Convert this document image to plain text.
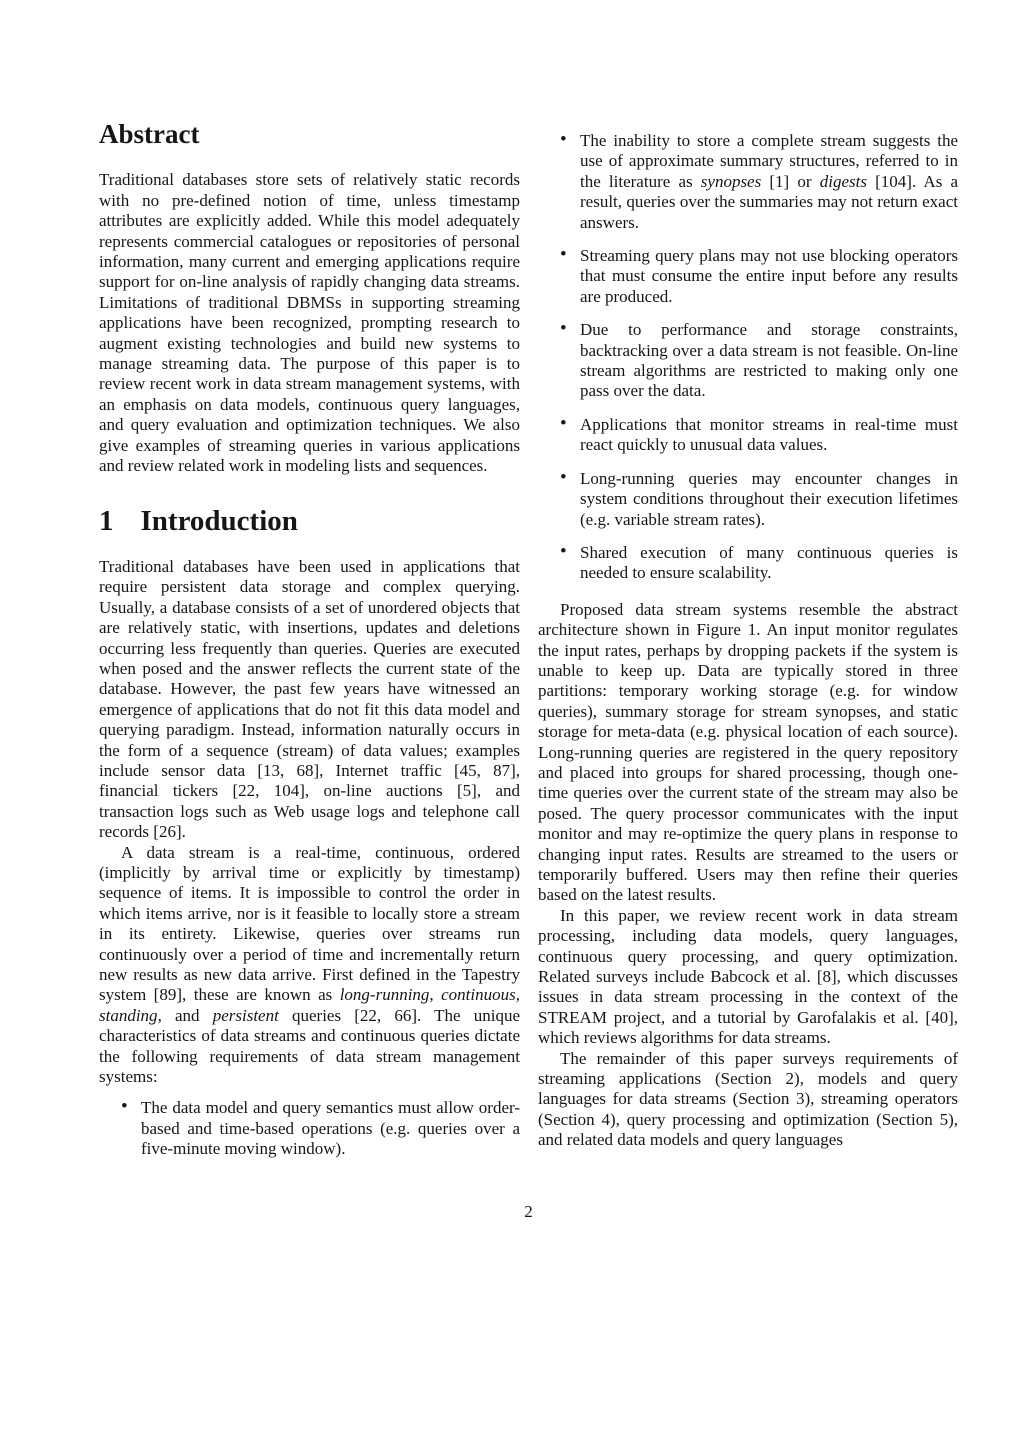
Abstract

Traditional databases store sets of relatively static records with no pre-defined notion of time, unless timestamp attributes are explicitly added. While this model adequately represents commercial catalogues or repositories of personal information, many current and emerging applications require support for on-line analysis of rapidly changing data streams. Limitations of traditional DBMSs in supporting streaming applications have been recognized, prompting research to augment existing technologies and build new systems to manage streaming data. The purpose of this paper is to review recent work in data stream management systems, with an emphasis on data models, continuous query languages, and query evaluation and optimization techniques. We also give examples of streaming queries in various applications and review related work in modeling lists and sequences.

1 Introduction

Traditional databases have been used in applications that require persistent data storage and complex querying. Usually, a database consists of a set of unordered objects that are relatively static, with insertions, updates and deletions occurring less frequently than queries. Queries are executed when posed and the answer reflects the current state of the database. However, the past few years have witnessed an emergence of applications that do not fit this data model and querying paradigm. Instead, information naturally occurs in the form of a sequence (stream) of data values; examples include sensor data [13, 68], Internet traffic [45, 87], financial tickers [22, 104], on-line auctions [5], and transaction logs such as Web usage logs and telephone call records [26].

A data stream is a real-time, continuous, ordered (implicitly by arrival time or explicitly by timestamp) sequence of items. It is impossible to control the order in which items arrive, nor is it feasible to locally store a stream in its entirety. Likewise, queries over streams run continuously over a period of time and incrementally return new results as new data arrive. First defined in the Tapestry system [89], these are known as long-running, continuous, standing, and persistent queries [22, 66]. The unique characteristics of data streams and continuous queries dictate the following requirements of data stream management systems:

• The data model and query semantics must allow order-based and time-based operations (e.g. queries over a five-minute moving window).
• The inability to store a complete stream suggests the use of approximate summary structures, referred to in the literature as synopses [1] or digests [104]. As a result, queries over the summaries may not return exact answers.
• Streaming query plans may not use blocking operators that must consume the entire input before any results are produced.
• Due to performance and storage constraints, backtracking over a data stream is not feasible. On-line stream algorithms are restricted to making only one pass over the data.
• Applications that monitor streams in real-time must react quickly to unusual data values.
• Long-running queries may encounter changes in system conditions throughout their execution lifetimes (e.g. variable stream rates).
• Shared execution of many continuous queries is needed to ensure scalability.

Proposed data stream systems resemble the abstract architecture shown in Figure 1. An input monitor regulates the input rates, perhaps by dropping packets if the system is unable to keep up. Data are typically stored in three partitions: temporary working storage (e.g. for window queries), summary storage for stream synopses, and static storage for meta-data (e.g. physical location of each source). Long-running queries are registered in the query repository and placed into groups for shared processing, though one-time queries over the current state of the stream may also be posed. The query processor communicates with the input monitor and may re-optimize the query plans in response to changing input rates. Results are streamed to the users or temporarily buffered. Users may then refine their queries based on the latest results.

In this paper, we review recent work in data stream processing, including data models, query languages, continuous query processing, and query optimization. Related surveys include Babcock et al. [8], which discusses issues in data stream processing in the context of the STREAM project, and a tutorial by Garofalakis et al. [40], which reviews algorithms for data streams.

The remainder of this paper surveys requirements of streaming applications (Section 2), models and query languages for data streams (Section 3), streaming operators (Section 4), query processing and optimization (Section 5), and related data models and query languages

2
